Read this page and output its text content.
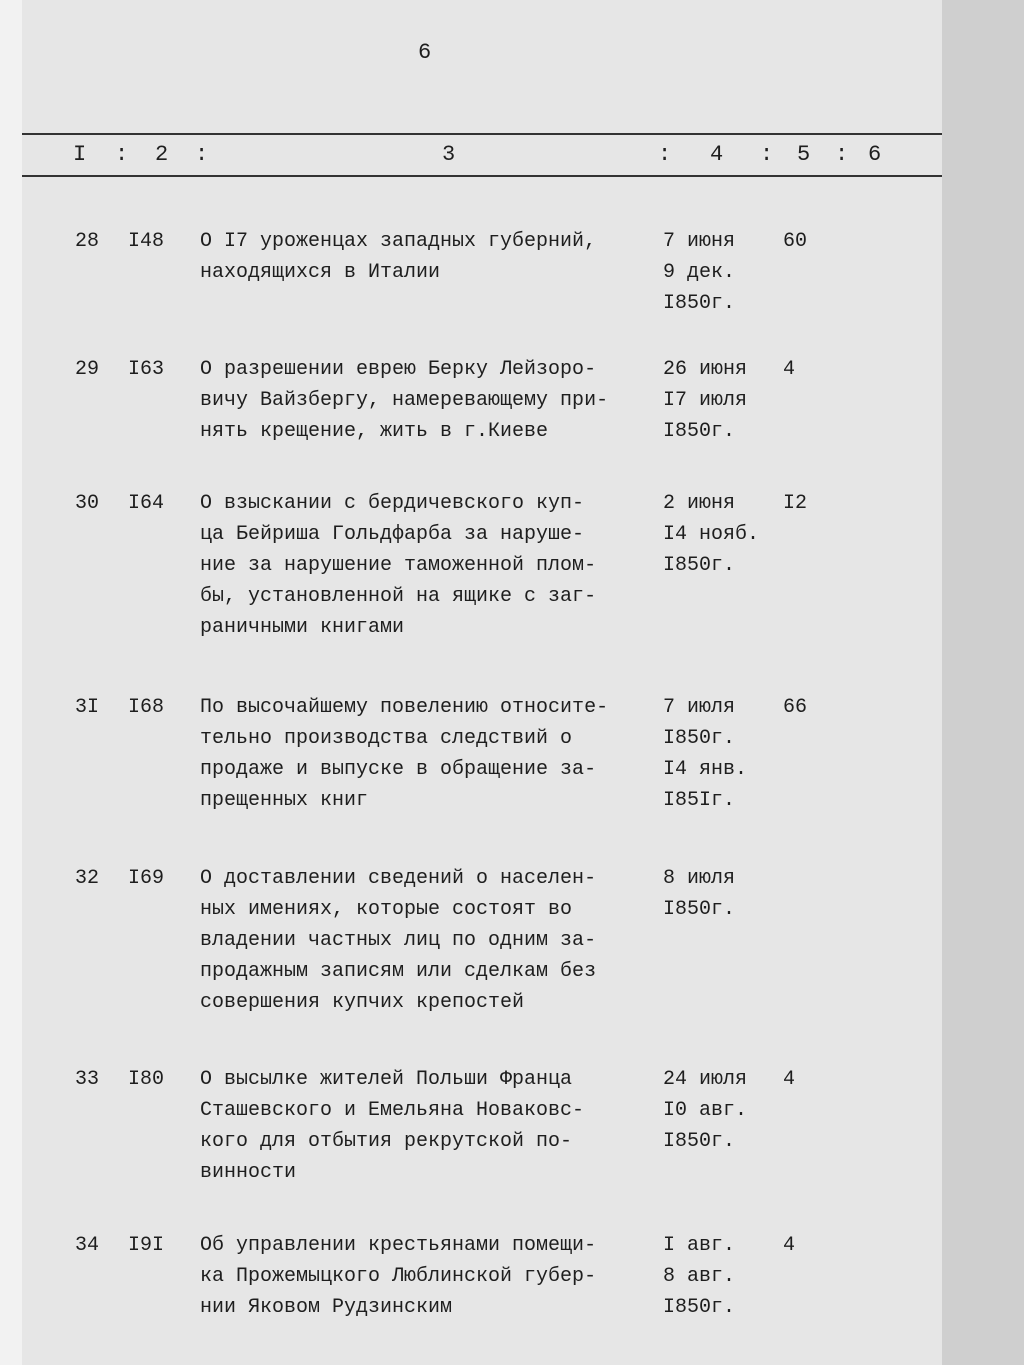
6
I : 2 :	3	: 4 : 5 : 6
28 I48 О I7 уроженцах западных губерний,
находящихся в Италии
7 июня
9 дек.
I850г.
60
29 I63 О разрешении еврею Берку Лейзоро-
вичу Вайзбергу, намеревающему при-
нять крещение, жить в г.Киеве
26 июня
I7 июля
I850г.
4
30 I64 О взыскании с бердичевского куп-
ца Бейриша Гольдфарба за наруше-
ние за нарушение таможенной плом-
бы, установленной на ящике с заг-
раничными книгами
2 июня
I4 нояб.
I850г.
I2
3I I68 По высочайшему повелению относите-
тельно производства следствий о
продаже и выпуске в обращение за-
прещенных книг
7 июля
I850г.
I4 янв.
I85Iг.
66
32 I69 О доставлении сведений о населен-
ных имениях, которые состоят во
владении частных лиц по одним за-
продажным записям или сделкам без
совершения купчих крепостей
8 июля
I850г.
33 I80 О высылке жителей Польши Франца
Сташевского и Емельяна Новаковс-
кого для отбытия рекрутской по-
винности
24 июля
I0 авг.
I850г.
4
34 I9I Об управлении крестьянами помещи-
ка Прожемыцкого Люблинской губер-
нии Яковом Рудзинским
I авг.
8 авг.
I850г.
4
